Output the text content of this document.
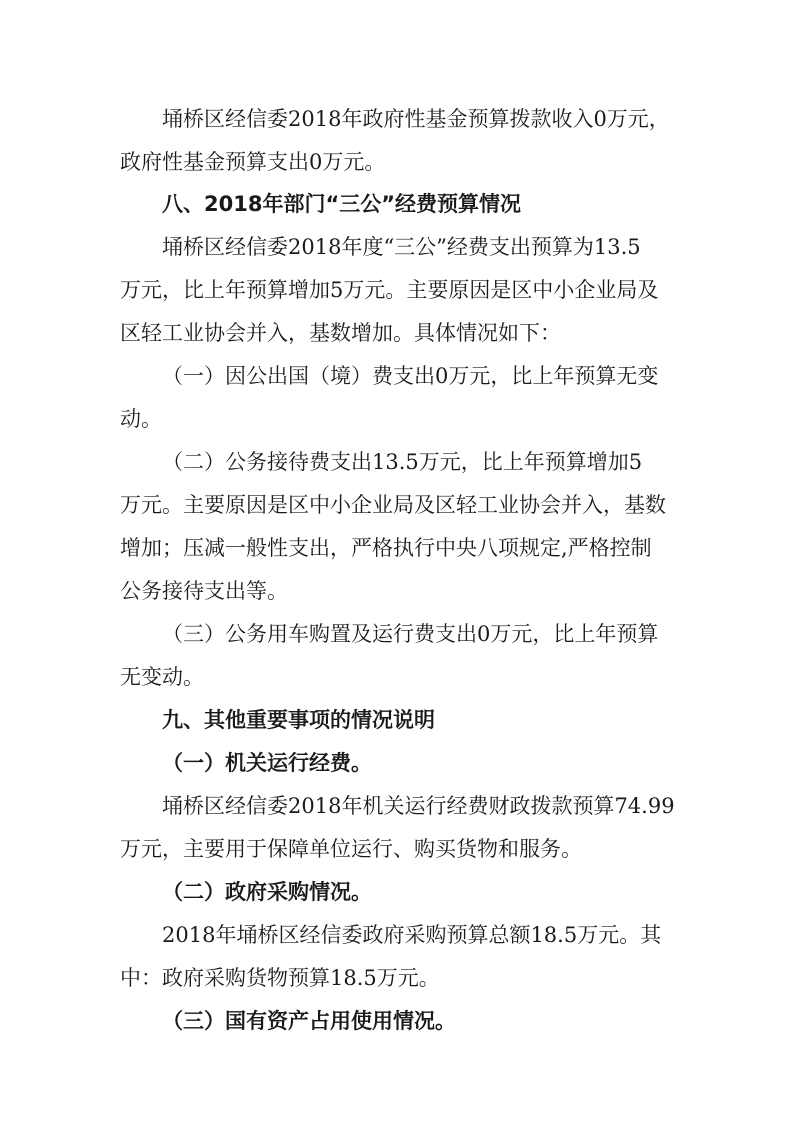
埇桥区经信委2018年政府性基金预算拨款收入0万元，
政府性基金预算支出0万元。
八、2018年部门“三公”经费预算情况
埇桥区经信委2018年度“三公”经费支出预算为13.5
万元，比上年预算增加5万元。主要原因是区中小企业局及
区轻工业协会并入，基数增加。具体情况如下：
（一）因公出国（境）费支出0万元，比上年预算无变
动。
（二）公务接待费支出13.5万元，比上年预算增加5
万元。主要原因是区中小企业局及区轻工业协会并入，基数
增加；压减一般性支出，严格执行中央八项规定,严格控制
公务接待支出等。
（三）公务用车购置及运行费支出0万元，比上年预算
无变动。
九、其他重要事项的情况说明
（一）机关运行经费。
埇桥区经信委2018年机关运行经费财政拨款预算74.99
万元，主要用于保障单位运行、购买货物和服务。
（二）政府采购情况。
2018年埇桥区经信委政府采购预算总额18.5万元。其
中：政府采购货物预算18.5万元。
（三）国有资产占用使用情况。
